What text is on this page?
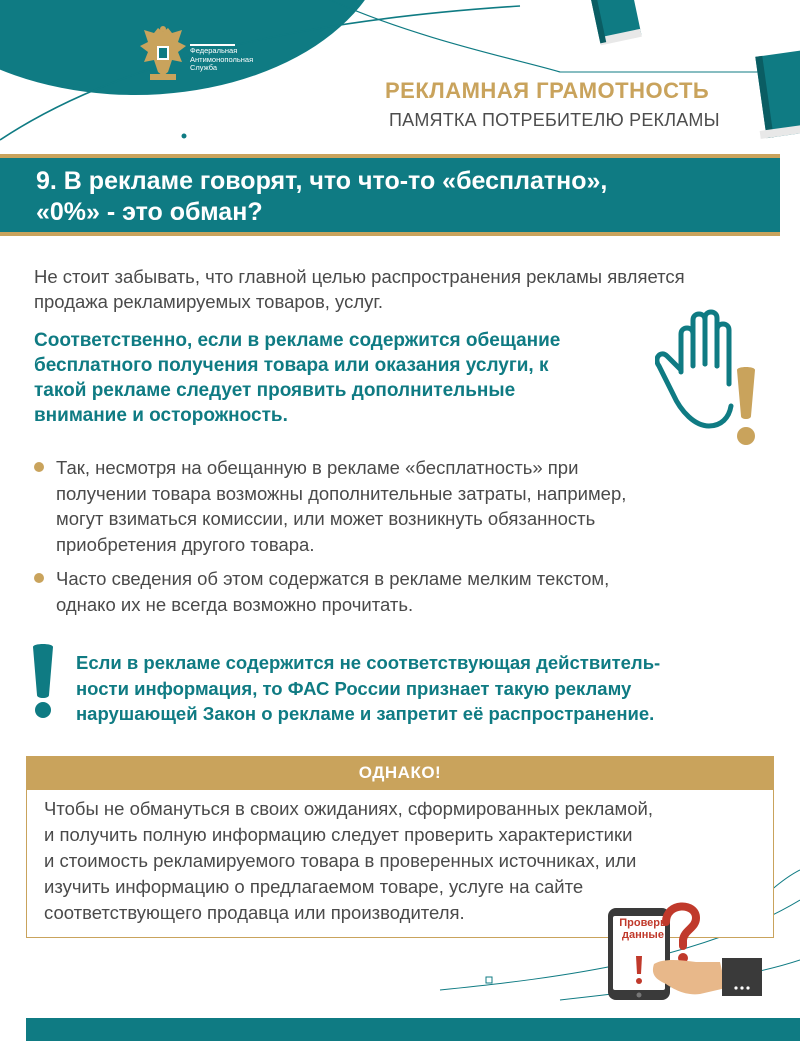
Федеральная
Антимонопольная
Служба
РЕКЛАМНАЯ ГРАМОТНОСТЬ
ПАМЯТКА ПОТРЕБИТЕЛЮ РЕКЛАМЫ
9. В рекламе говорят, что что-то «бесплатно»,
«0%» - это обман?
Не стоит забывать, что главной целью распространения рекламы является
продажа рекламируемых товаров, услуг.
Соответственно, если в рекламе содержится обещание
бесплатного получения товара или оказания услуги, к
такой рекламе следует проявить дополнительные
внимание и осторожность.
Так, несмотря на обещанную в рекламе «бесплатность» при
получении товара возможны дополнительные затраты, например,
могут взиматься комиссии, или может возникнуть обязанность
приобретения другого товара.
Часто сведения об этом содержатся в рекламе мелким текстом,
однако их не всегда возможно прочитать.
Если в рекламе содержится не соответствующая действитель-
ности информация, то ФАС России признает такую рекламу
нарушающей Закон о рекламе и запретит её распространение.
ОДНАКО!
Чтобы не обмануться в своих ожиданиях, сформированных рекламой,
и получить полную информацию следует проверить характеристики
и стоимость рекламируемого товара в проверенных источниках, или
изучить информацию о предлагаемом товаре, услуге на сайте
соответствующего продавца или производителя.	Проверь
данные
